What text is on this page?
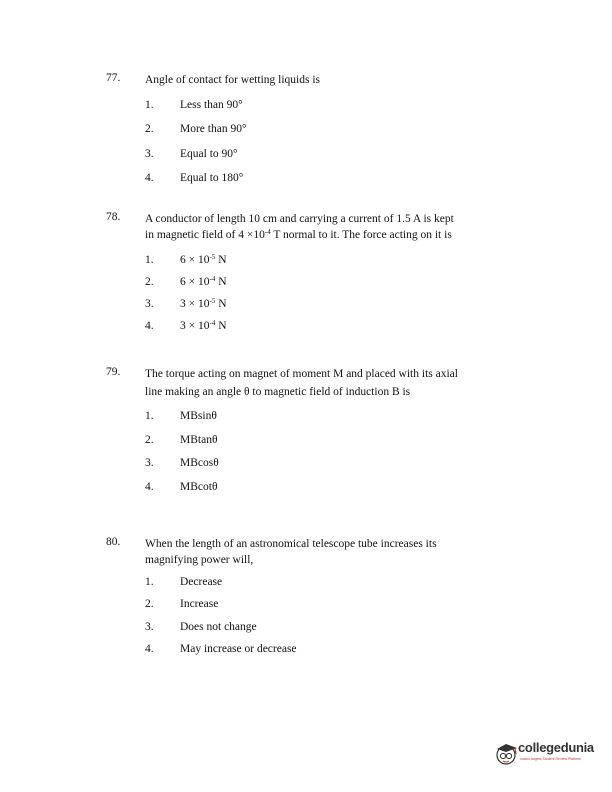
77. Angle of contact for wetting liquids is
1. Less than 90°
2. More than 90°
3. Equal to 90°
4. Equal to 180°
78. A conductor of length 10 cm and carrying a current of 1.5 A is kept
in magnetic field of $4 \times 10^{-4}$ T normal to it. The force acting on it is
1. $6 \times 10^{-5}$ N
2. $6 \times 10^{-4}$ N
3. $3 \times 10^{-5}$ N
4. $3 \times 10^{-4}$ N
79. The torque acting on magnet of moment M and placed with its axial
line making an angle θ to magnetic field of induction B is
1. MBsinθ
2. MBtanθ
3. MBcosθ
4. MBcotθ
80. When the length of an astronomical telescope tube increases its
magnifying power will,
1. Decrease
2. Increase
3. Does not change
4. May increase or decrease
collegedunia
India's largest Student Review Platform
